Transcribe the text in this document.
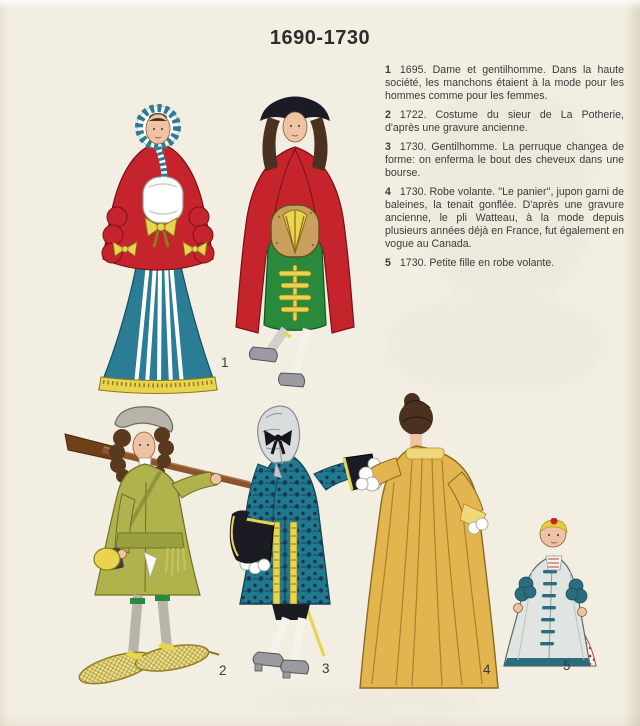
1690-1730

1 1695. Dame et gentilhomme. Dans la haute société, les manchons étaient à la mode pour les hommes comme pour les femmes.

2 1722. Costume du sieur de La Potherie, d'après une gravure ancienne.

3 1730. Gentilhomme. La perruque changea de forme: on enferma le bout des cheveux dans une bourse.

4 1730. Robe volante. ''Le panier'', jupon garni de baleines, la tenait gonflée. D'après une gravure ancienne, le pli Watteau, à la mode depuis plusieurs années déjà en France, fut également en vogue au Canada.

5 1730. Petite fille en robe volante.

1
2	3	4	5
